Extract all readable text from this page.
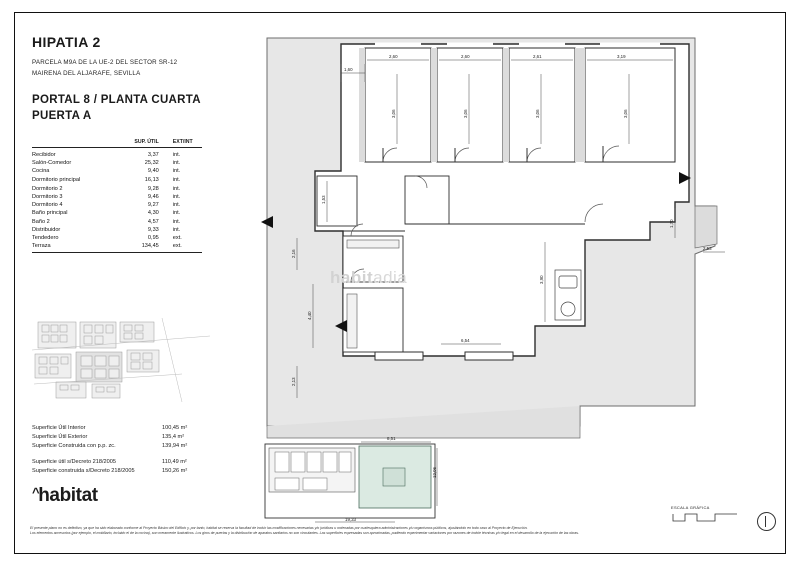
HIPATIA 2
PARCELA M9A DE LA UE-2 DEL SECTOR SR-12
MAIRENA DEL ALJARAFE, SEVILLA
PORTAL 8 / PLANTA CUARTA
PUERTA A
	SUP. ÚTIL	EXT/INT
Recibidor	3,37	int.
Salón-Comedor	25,32	int.
Cocina	9,40	int.
Dormitorio principal	16,13	int.
Dormitorio 2	9,28	int.
Dormitorio 3	9,46	int.
Dormitorio 4	9,27	int.
Baño principal	4,30	int.
Baño 2	4,57	int.
Distribuidor	9,33	int.
Tendedero	0,95	ext.
Terraza	134,45	ext.
Superficie Útil Interior	100,45 m²
Superficie Útil Exterior	135,4 m²
Superficie Construida con p.p. zc.	139,94 m²
Superficie útil s/Decreto 218/2005	110,49 m²
Superficie construida s/Decreto 218/2005	150,26 m²
^habitat
1,60
2,60	2,60	2,61	3,19
3,06	3,06	3,06	3,06
1,53
2,16
4,40
2,13
3,90
6,54
1,70
2,53
8,51
12,06
19,33
habitadia
ESCALA GRÁFICA
El presente plano no es definitivo, ya que ha sido elaborado conforme al Proyecto Básico del Edificio y, por tanto, habitat se reserva la facultad de incluir las modificaciones necesarias y/o jurídicas u ordenadas por cualesquiera administraciones y/u organismos públicos, ajustándolo en todo caso al Proyecto de Ejecución.
Los elementos accesorios (por ejemplo, el mobiliario, incluido el de la cocina), son meramente ilustrativos. Los giros de puertas y la distribución de aparatos sanitarios no son vinculantes. Las superficies expresadas son aproximadas, pudiendo experimentar variaciones por razones de índole técnicas y/o legal en el desarrollo de la ejecución de las obras.
